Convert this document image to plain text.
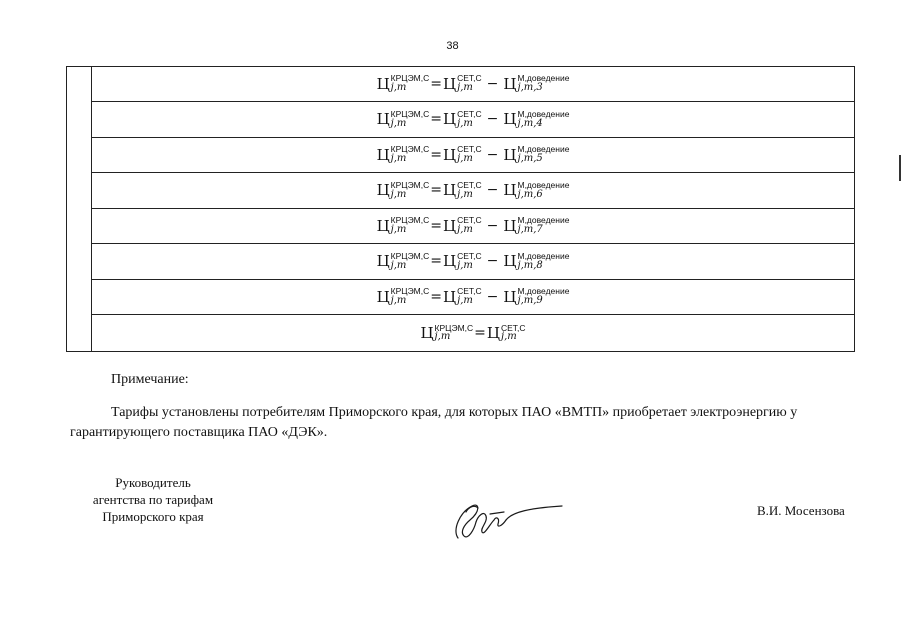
38
Ц КРЦЭМ,С
j,m	= Ц СЕТ,С
j,m − Ц М,доведение
j,m,3
Ц КРЦЭМ,С
j,m	= Ц СЕТ,С
j,m − Ц М,доведение
j,m,4
Ц КРЦЭМ,С
j,m	= Ц СЕТ,С
j,m − Ц М,доведение
j,m,5
Ц КРЦЭМ,С
j,m	= Ц СЕТ,С
j,m − Ц М,доведение
j,m,6
Ц КРЦЭМ,С
j,m	= Ц СЕТ,С
j,m − Ц М,доведение
j,m,7
Ц КРЦЭМ,С
j,m	= Ц СЕТ,С
j,m − Ц М,доведение
j,m,8
Ц КРЦЭМ,С
j,m	= Ц СЕТ,С
j,m − Ц М,доведение
j,m,9
Ц КРЦЭМ,С
j,m	= Ц СЕТ,С
j,m
Примечание:
Тарифы установлены потребителям Приморского края, для которых ПАО «ВМТП» приобретает электроэнергию у гарантирующего поставщика ПАО «ДЭК».
Руководитель
агентства по тарифам
Приморского края	В.И. Мосензова
